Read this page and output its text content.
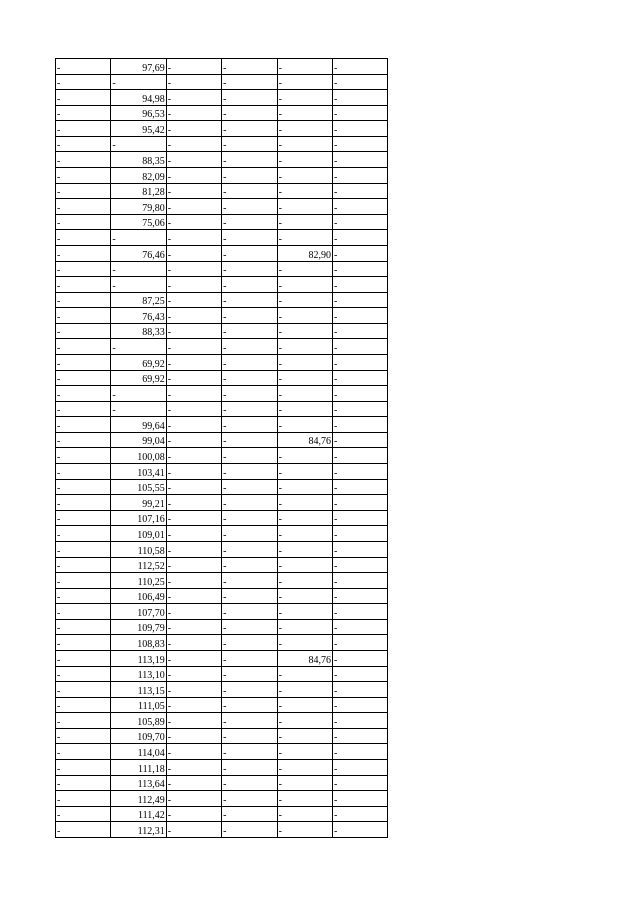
-	97,69	-	-	-	-
-	-	-	-	-	-
-	94,98	-	-	-	-
-	96,53	-	-	-	-
-	95,42	-	-	-	-
-	-	-	-	-	-
-	88,35	-	-	-	-
-	82,09	-	-	-	-
-	81,28	-	-	-	-
-	79,80	-	-	-	-
-	75,06	-	-	-	-
-	-	-	-	-	-
-	76,46	-	-	82,90	-
-	-	-	-	-	-
-	-	-	-	-	-
-	87,25	-	-	-	-
-	76,43	-	-	-	-
-	88,33	-	-	-	-
-	-	-	-	-	-
-	69,92	-	-	-	-
-	69,92	-	-	-	-
-	-	-	-	-	-
-	-	-	-	-	-
-	99,64	-	-	-	-
-	99,04	-	-	84,76	-
-	100,08	-	-	-	-
-	103,41	-	-	-	-
-	105,55	-	-	-	-
-	99,21	-	-	-	-
-	107,16	-	-	-	-
-	109,01	-	-	-	-
-	110,58	-	-	-	-
-	112,52	-	-	-	-
-	110,25	-	-	-	-
-	106,49	-	-	-	-
-	107,70	-	-	-	-
-	109,79	-	-	-	-
-	108,83	-	-	-	-
-	113,19	-	-	84,76	-
-	113,10	-	-	-	-
-	113,15	-	-	-	-
-	111,05	-	-	-	-
-	105,89	-	-	-	-
-	109,70	-	-	-	-
-	114,04	-	-	-	-
-	111,18	-	-	-	-
-	113,64	-	-	-	-
-	112,49	-	-	-	-
-	111,42	-	-	-	-
-	112,31	-	-	-	-
